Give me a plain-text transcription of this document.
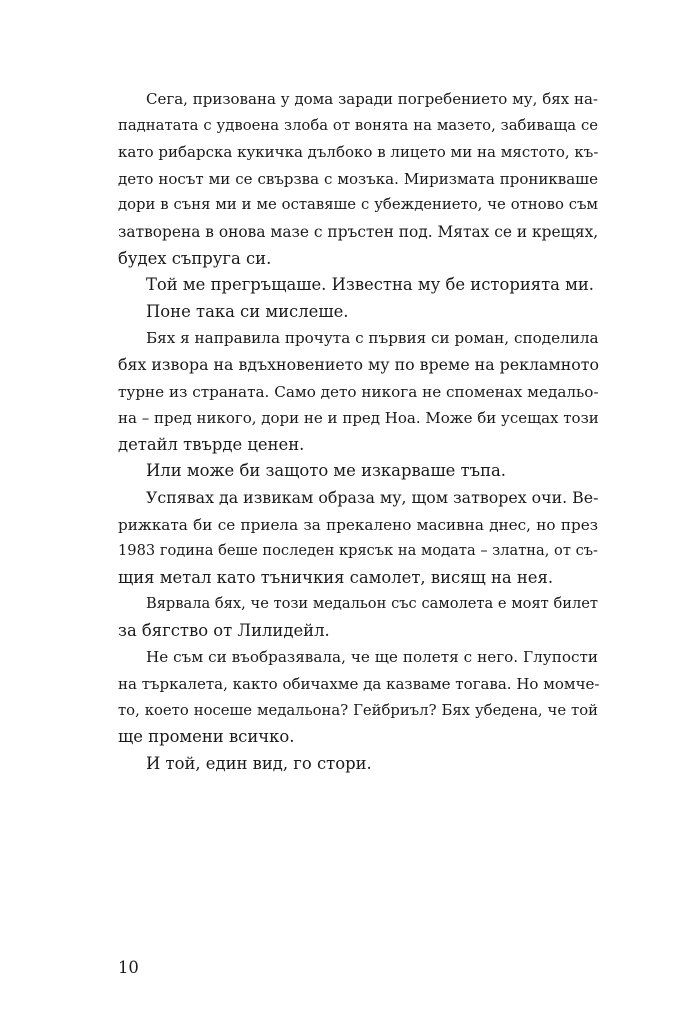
Сега, призована у дома заради погребението му, бях на-
паднатата с удвоена злоба от вонята на мазето, забиваща се
като рибарска кукичка дълбоко в лицето ми на мястото, къ-
дето носът ми се свързва с мозъка. Миризмата проникваше
дори в съня ми и ме оставяше с убеждението, че отново съм
затворена в онова мазе с пръстен под. Мятах се и крещях,
будех съпруга си.

Той ме прегръщаше. Известна му бе историята ми.

Поне така си мислеше.

Бях я направила прочута с първия си роман, споделила
бях извора на вдъхновението му по време на рекламното
турне из страната. Само дето никога не споменах медальо-
на – пред никого, дори не и пред Ноа. Може би усещах този
детайл твърде ценен.

Или може би защото ме изкарваше тъпа.

Успявах да извикам образа му, щом затворех очи. Ве-
рижката би се приела за прекалено масивна днес, но през
1983 година беше последен крясък на модата – златна, от съ-
щия метал като тъничкия самолет, висящ на нея.

Вярвала бях, че този медальон със самолета е моят билет
за бягство от Лилидейл.

Не съм си въобразявала, че ще полетя с него. Глупости
на търкалета, както обичахме да казваме тогава. Но момче-
то, което носеше медальона? Гейбриъл? Бях убедена, че той
ще промени всичко.

И той, един вид, го стори.

10
